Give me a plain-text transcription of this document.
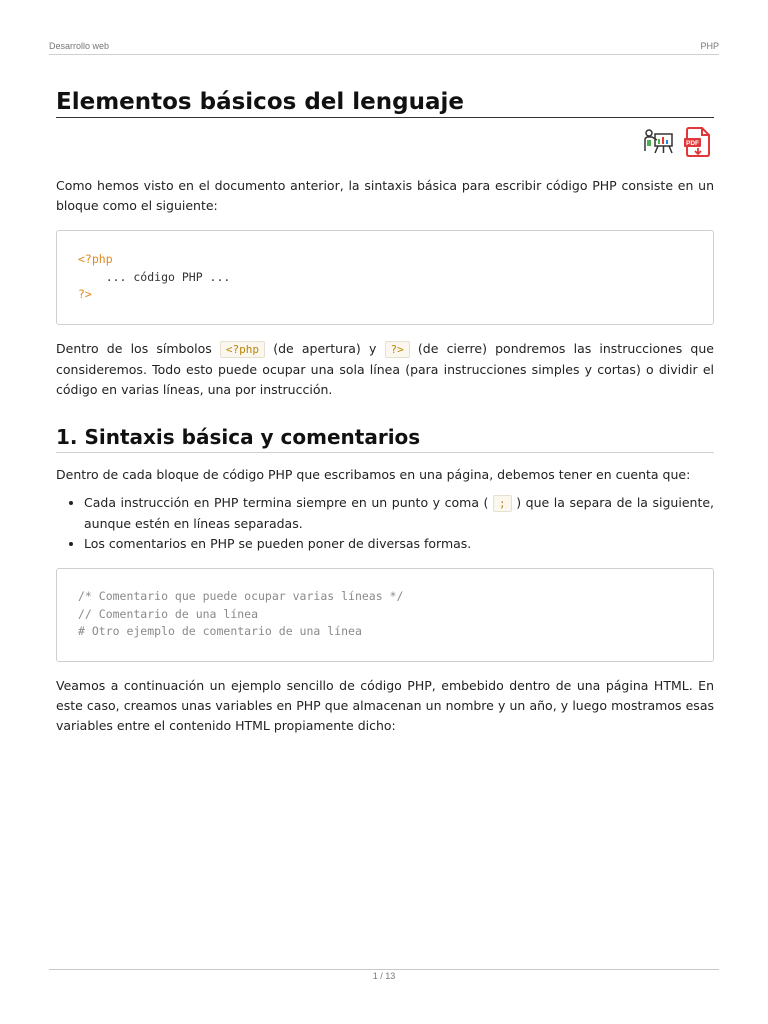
Desarrollo web	PHP
Elementos básicos del lenguaje
PDF

Como hemos visto en el documento anterior, la sintaxis básica para escribir código PHP consiste en un bloque como el siguiente:

<?php
... código PHP ...
?>

Dentro de los símbolos <?php (de apertura) y ?> (de cierre) pondremos las instrucciones que consideremos. Todo esto puede ocupar una sola línea (para instrucciones simples y cortas) o dividir el código en varias líneas, una por instrucción.

1. Sintaxis básica y comentarios

Dentro de cada bloque de código PHP que escribamos en una página, debemos tener en cuenta que:

• Cada instrucción en PHP termina siempre en un punto y coma ( ; ) que la separa de la siguiente, aunque estén en líneas separadas.
• Los comentarios en PHP se pueden poner de diversas formas.
/* Comentario que puede ocupar varias líneas */
// Comentario de una línea
# Otro ejemplo de comentario de una línea

Veamos a continuación un ejemplo sencillo de código PHP, embebido dentro de una página HTML. En este caso, creamos unas variables en PHP que almacenan un nombre y un año, y luego mostramos esas variables entre el contenido HTML propiamente dicho:

1 / 13
